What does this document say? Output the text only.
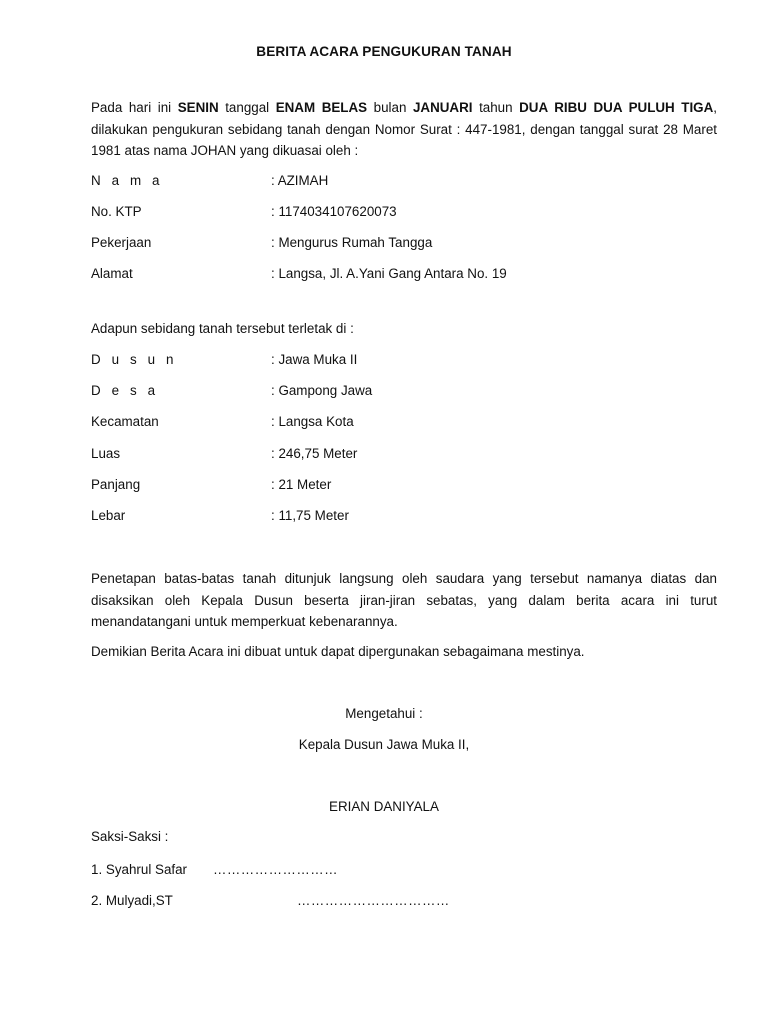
BERITA ACARA PENGUKURAN TANAH

Pada hari ini SENIN tanggal ENAM BELAS bulan JANUARI tahun DUA RIBU DUA PULUH TIGA, dilakukan pengukuran sebidang tanah dengan Nomor Surat : 447-1981, dengan tanggal surat 28 Maret 1981 atas nama JOHAN yang dikuasai oleh :

N a m a	: AZIMAH
No. KTP	: 1174034107620073
Pekerjaan	: Mengurus Rumah Tangga
Alamat	: Langsa, Jl. A.Yani Gang Antara No. 19
Adapun sebidang tanah tersebut terletak di :
D u s u n	: Jawa Muka II
D e s a	: Gampong Jawa
Kecamatan	: Langsa Kota
Luas	: 246,75 Meter
Panjang	: 21 Meter
Lebar	: 11,75 Meter

Penetapan batas-batas tanah ditunjuk langsung oleh saudara yang tersebut namanya diatas dan disaksikan oleh Kepala Dusun beserta jiran-jiran sebatas, yang dalam berita acara ini turut menandatangani untuk memperkuat kebenarannya.

Demikian Berita Acara ini dibuat untuk dapat dipergunakan sebagaimana mestinya.
Mengetahui :
Kepala Dusun Jawa Muka II,
ERIAN DANIYALA
Saksi-Saksi :
1. Syahrul Safar ………………………
2. Mulyadi,ST	……………………………
